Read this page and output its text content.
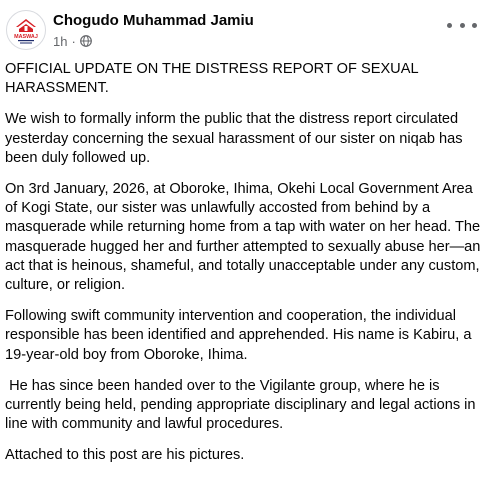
MASWAJ
Chogudo Muhammad Jamiu
1h ·

OFFICIAL UPDATE ON THE DISTRESS REPORT OF SEXUAL HARASSMENT.

We wish to formally inform the public that the distress report circulated yesterday concerning the sexual harassment of our sister on niqab has been duly followed up.

On 3rd January, 2026, at Oboroke, Ihima, Okehi Local Government Area of Kogi State, our sister was unlawfully accosted from behind by a masquerade while returning home from a tap with water on her head. The masquerade hugged her and further attempted to sexually abuse her—an act that is heinous, shameful, and totally unacceptable under any custom, culture, or religion.

Following swift community intervention and cooperation, the individual responsible has been identified and apprehended. His name is Kabiru, a 19-year-old boy from Oboroke, Ihima.

He has since been handed over to the Vigilante group, where he is currently being held, pending appropriate disciplinary and legal actions in line with community and lawful procedures.

Attached to this post are his pictures.
